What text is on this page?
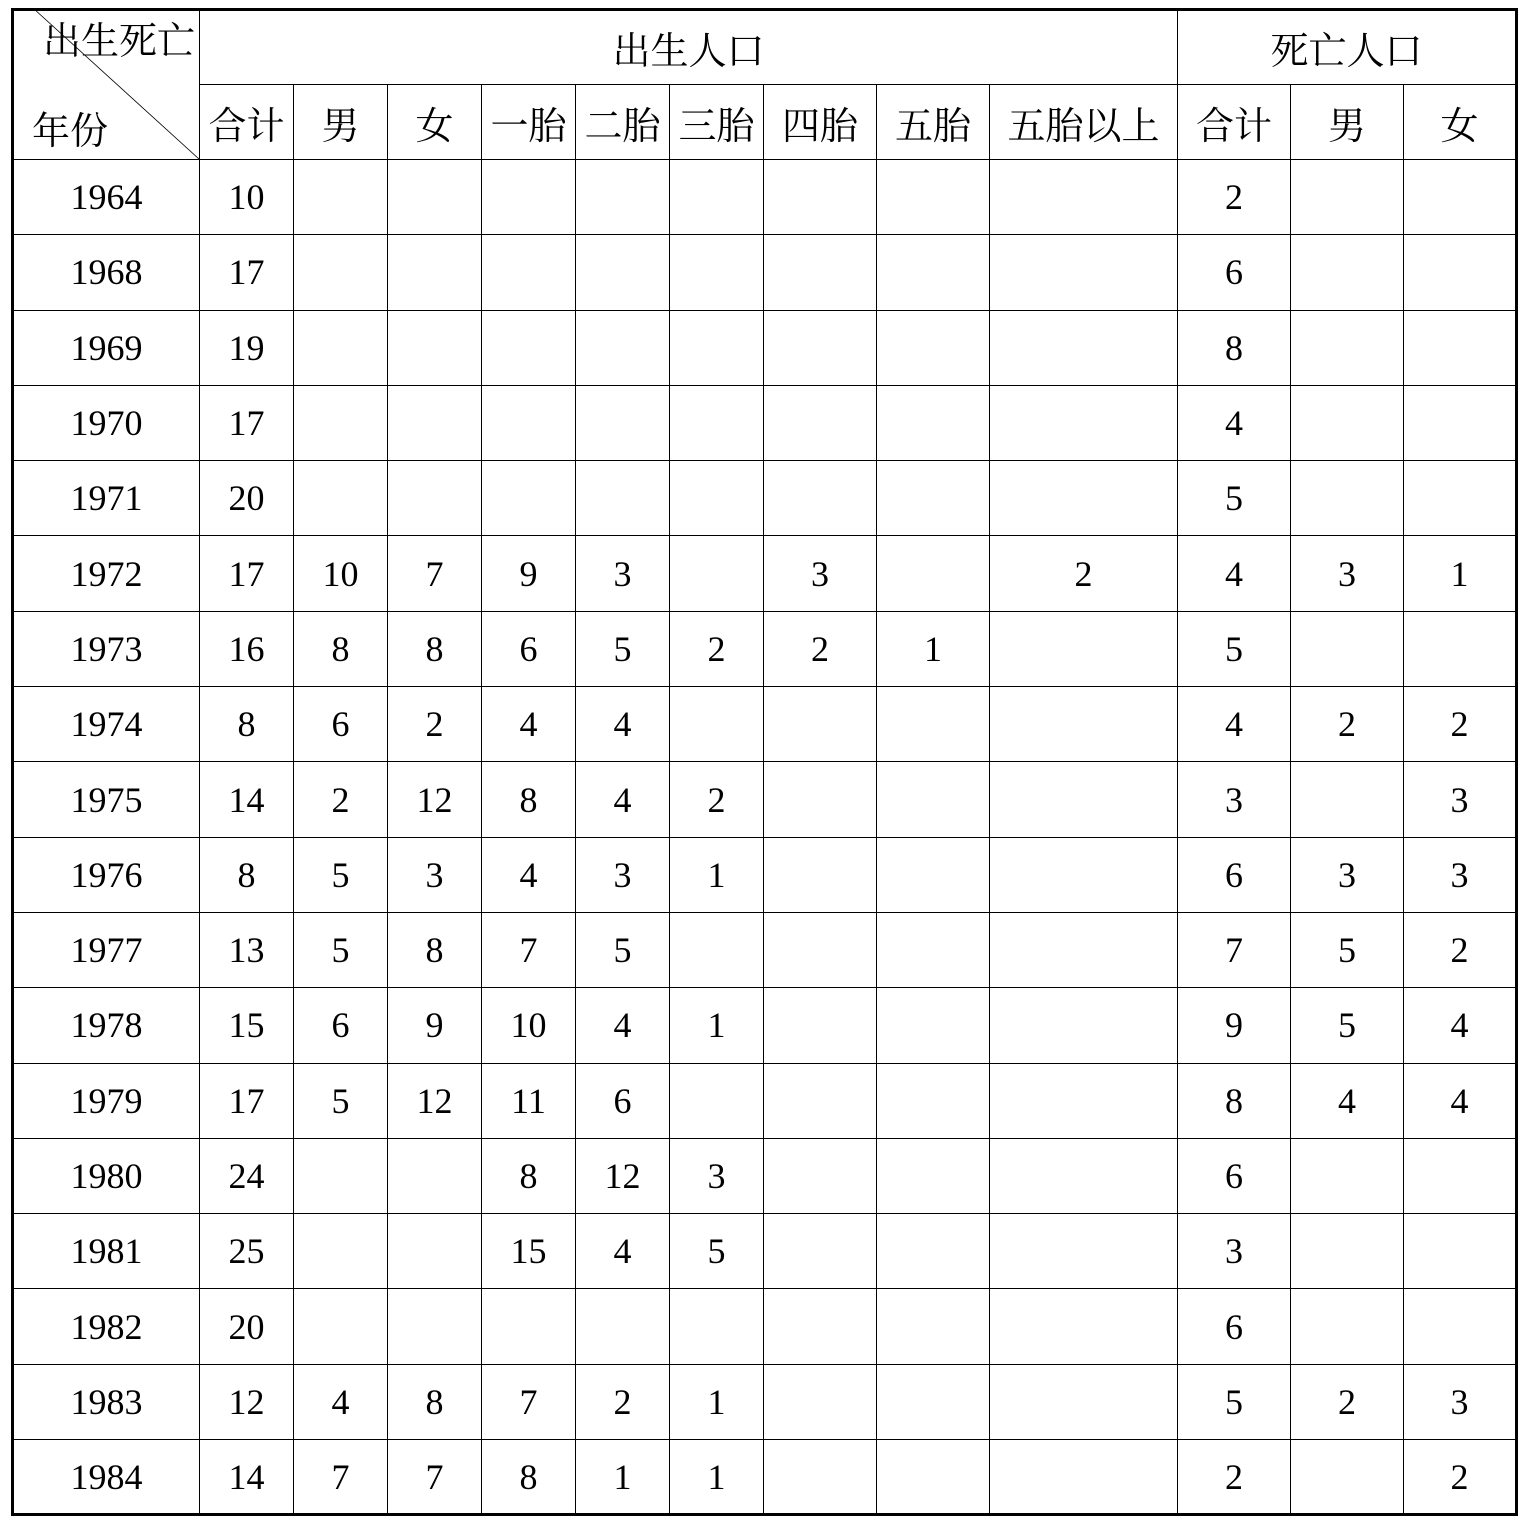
出生死亡
年份	出生人口									死亡人口		
	合计	男	女	一胎	二胎	三胎	四胎	五胎	五胎以上	合计	男	女
1964	10									2		
1968	17									6		
1969	19									8		
1970	17									4		
1971	20									5		
1972	17	10	7	9	3		3		2	4	3	1
1973	16	8	8	6	5	2	2	1		5		
1974	8	6	2	4	4					4	2	2
1975	14	2	12	8	4	2				3		3
1976	8	5	3	4	3	1				6	3	3
1977	13	5	8	7	5					7	5	2
1978	15	6	9	10	4	1				9	5	4
1979	17	5	12	11	6					8	4	4
1980	24			8	12	3				6		
1981	25			15	4	5				3		
1982	20									6		
1983	12	4	8	7	2	1				5	2	3
1984	14	7	7	8	1	1				2		2
